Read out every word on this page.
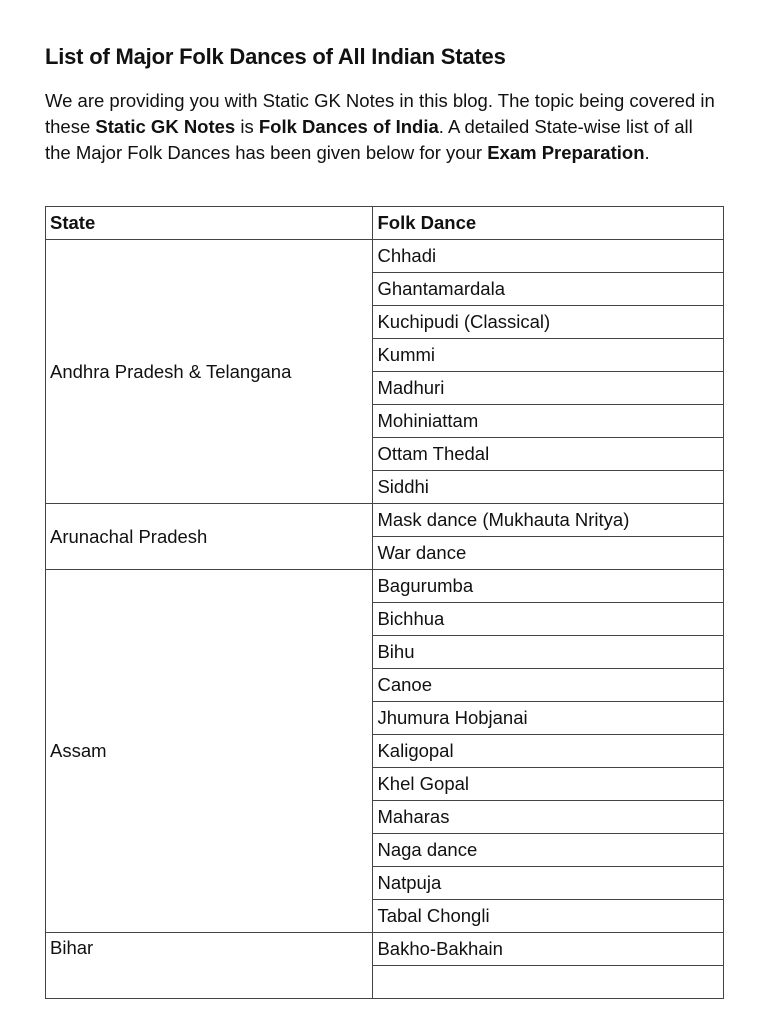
List of Major Folk Dances of All Indian States

We are providing you with Static GK Notes in this blog. The topic being covered in these Static GK Notes is Folk Dances of India. A detailed State-wise list of all the Major Folk Dances has been given below for your Exam Preparation.

State	Folk Dance
Andhra Pradesh & Telangana	Chhadi
	Ghantamardala
	Kuchipudi (Classical)
	Kummi
	Madhuri
	Mohiniattam
	Ottam Thedal
	Siddhi
Arunachal Pradesh	Mask dance (Mukhauta Nritya)
	War dance
Assam	Bagurumba
	Bichhua
	Bihu
	Canoe
	Jhumura Hobjanai
	Kaligopal
	Khel Gopal
	Maharas
	Naga dance
	Natpuja
	Tabal Chongli
Bihar	Bakho-Bakhain
